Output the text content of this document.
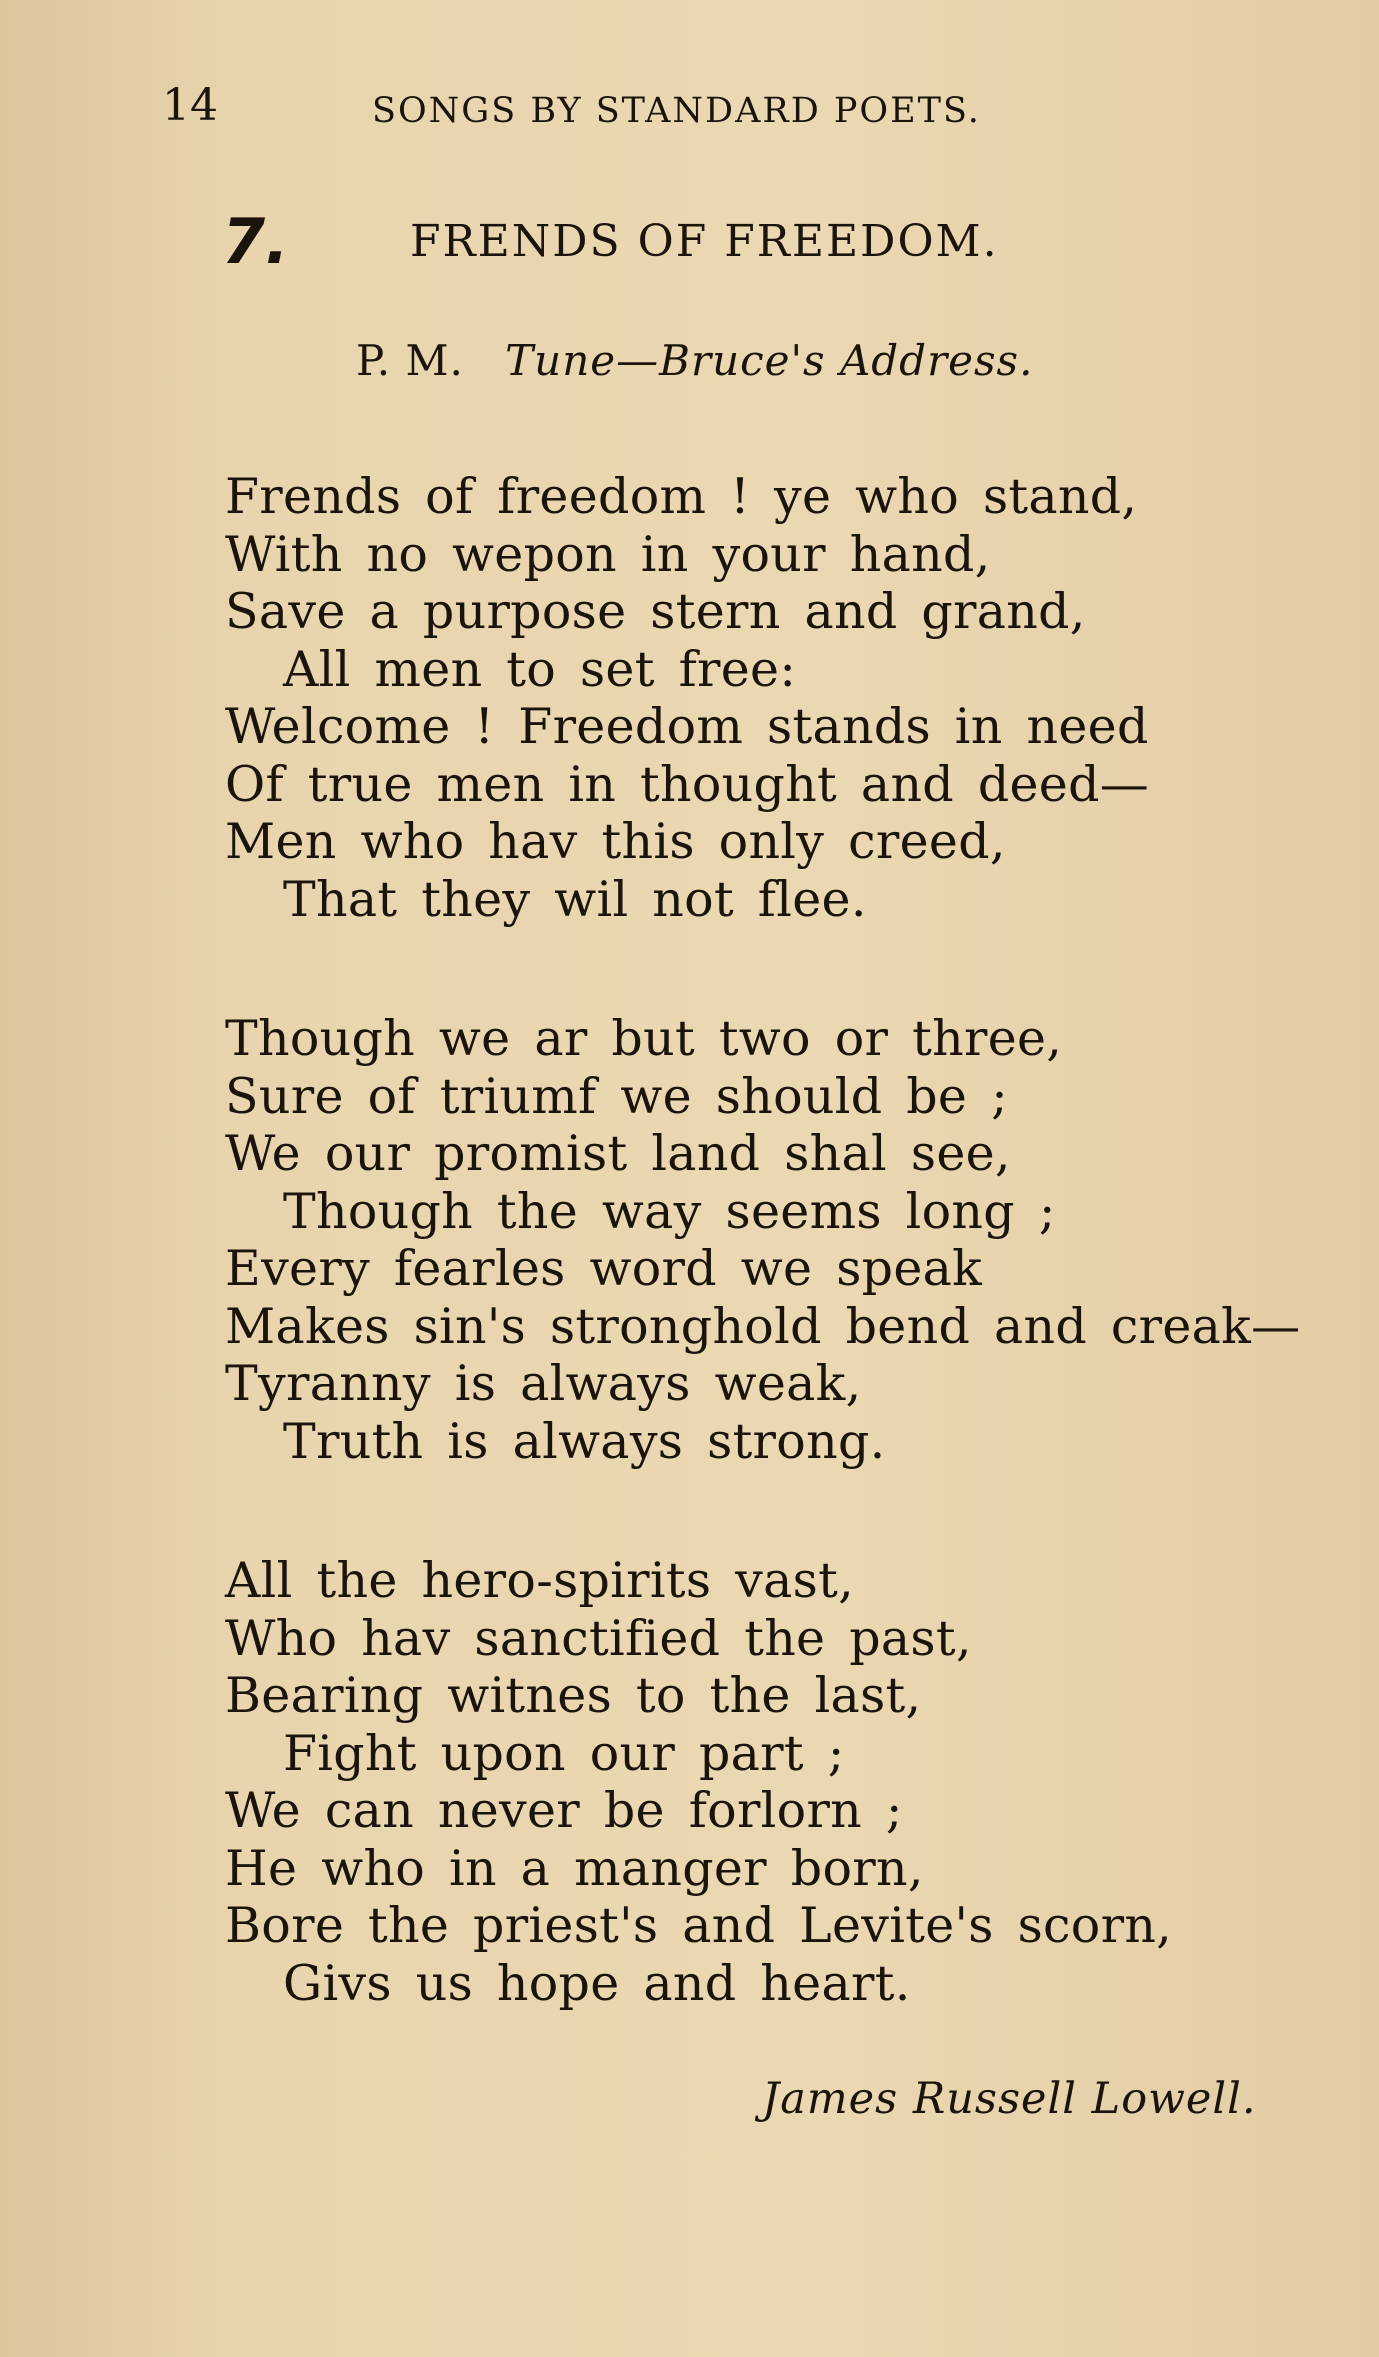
14	SONGS BY STANDARD POETS.
7.	FRENDS OF FREEDOM.
P. M. Tune—Bruce's Address.
Frends of freedom ! ye who stand,
With no wepon in your hand,
Save a purpose stern and grand,
All men to set free:
Welcome ! Freedom stands in need
Of true men in thought and deed—
Men who hav this only creed,
That they wil not flee.
Though we ar but two or three,
Sure of triumf we should be ;
We our promist land shal see,
Though the way seems long ;
Every fearles word we speak
Makes sin's stronghold bend and creak—
Tyranny is always weak,
Truth is always strong.
All the hero-spirits vast,
Who hav sanctified the past,
Bearing witnes to the last,
Fight upon our part ;
We can never be forlorn ;
He who in a manger born,
Bore the priest's and Levite's scorn,
Givs us hope and heart.
James Russell Lowell.
